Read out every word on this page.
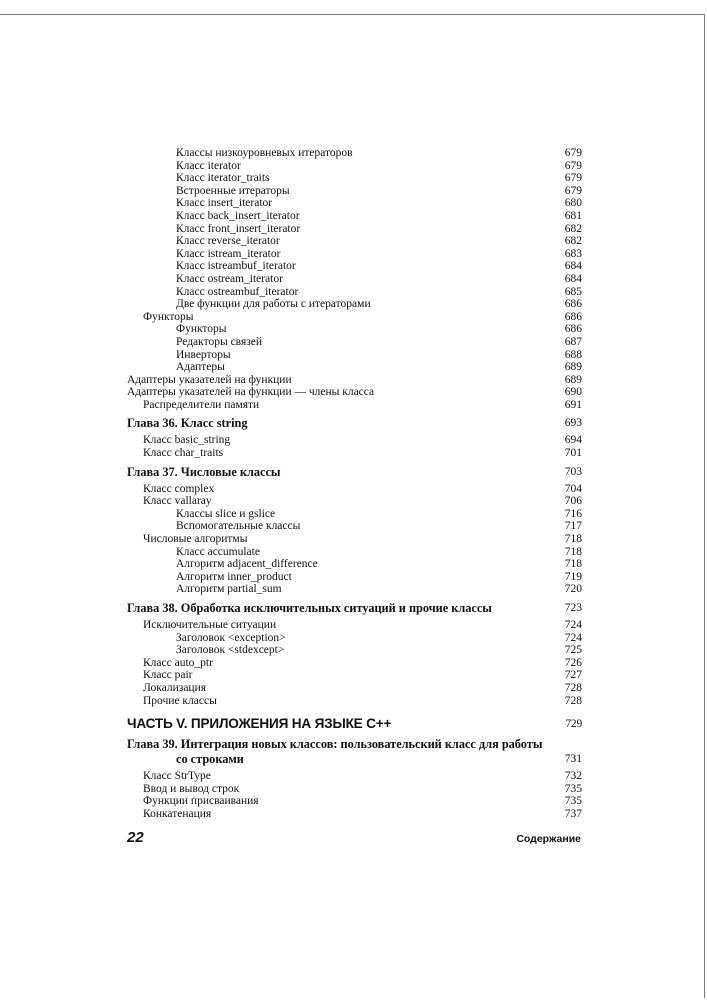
Классы низкоуровневых итераторов	679
Класс iterator	679
Класс iterator_traits	679
Встроенные итераторы	679
Класс insert_iterator	680
Класс back_insert_iterator	681
Класс front_insert_iterator	682
Класс reverse_iterator	682
Класс istream_iterator	683
Класс istreambuf_iterator	684
Класс ostream_iterator	684
Класс ostreambuf_iterator	685
Две функции для работы с итераторами	686
Функторы	686
Функторы	686
Редакторы связей	687
Инверторы	688
Адаптеры	689
Адаптеры указателей на функции	689
Адаптеры указателей на функции — члены класса	690
Распределители памяти	691
Глава 36. Класс string	693
Класс basic_string	694
Класс char_traits	701
Глава 37. Числовые классы	703
Класс complex	704
Класс vallaray	706
Классы slice и gslice	716
Вспомогательные классы	717
Числовые алгоритмы	718
Класс accumulate	718
Алгоритм adjacent_difference	718
Алгоритм inner_product	719
Алгоритм partial_sum	720
Глава 38. Обработка исключительных ситуаций и прочие классы	723
Исключительные ситуации	724
Заголовок <exception>	724
Заголовок <stdexcept>	725
Класс auto_ptr	726
Класс pair	727
Локализация	728
Прочие классы	728
ЧАСТЬ V. ПРИЛОЖЕНИЯ НА ЯЗЫКЕ C++	729
Глава 39. Интеграция новых классов: пользовательский класс для работы
со строками	731
Класс StrType	732
Ввод и вывод строк	735
Функции присваивания	735
Конкатенация	737
22	Содержание
